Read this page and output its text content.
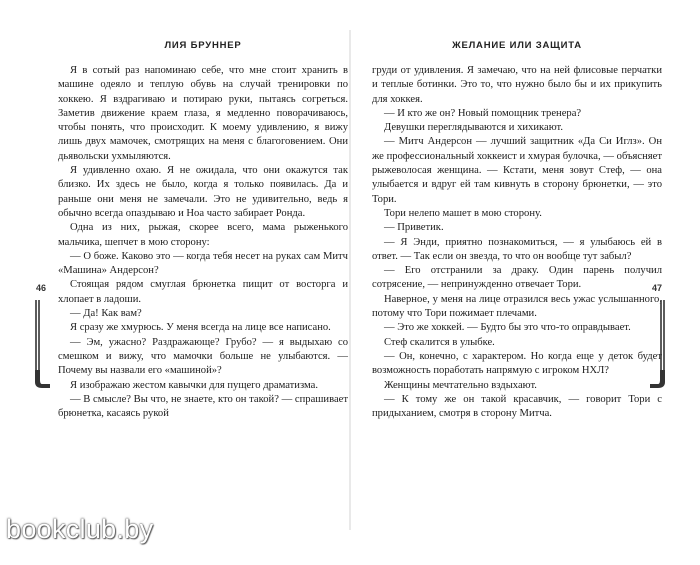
ЛИЯ БРУННЕР

Я в сотый раз напоминаю себе, что мне стоит хранить в машине одеяло и теплую обувь на случай тренировки по хоккею. Я вздрагиваю и потираю руки, пытаясь согреться. Заметив движение краем глаза, я медленно поворачиваюсь, чтобы понять, что происходит. К моему удивлению, я вижу лишь двух мамочек, смотрящих на меня с благоговением. Они дьявольски ухмыляются.

Я удивленно охаю. Я не ожидала, что они окажутся так близко. Их здесь не было, когда я только появилась. Да и раньше они меня не замечали. Это не удивительно, ведь я обычно всегда опаздываю и Ноа часто забирает Ронда.

Одна из них, рыжая, скорее всего, мама рыженького мальчика, шепчет в мою сторону:

— О боже. Каково это — когда тебя несет на руках сам Митч «Машина» Андерсон?

Стоящая рядом смуглая брюнетка пищит от восторга и хлопает в ладоши.

— Да! Как вам?

Я сразу же хмурюсь. У меня всегда на лице все написано.

— Эм, ужасно? Раздражающе? Грубо? — я выдыхаю со смешком и вижу, что мамочки больше не улыбаются. — Почему вы назвали его «машиной»?

Я изображаю жестом кавычки для пущего драматизма.

— В смысле? Вы что, не знаете, кто он такой? — спрашивает брюнетка, касаясь рукой

46
ЖЕЛАНИЕ ИЛИ ЗАЩИТА

груди от удивления. Я замечаю, что на ней флисовые перчатки и теплые ботинки. Это то, что нужно было бы и их прикупить для хоккея.

— И кто же он? Новый помощник тренера?

Девушки переглядываются и хихикают.

— Митч Андерсон — лучший защитник «Да Си Иглз». Он же профессиональный хоккеист и хмурая булочка, — объясняет рыжеволосая женщина. — Кстати, меня зовут Стеф, — она улыбается и вдруг ей там кивнуть в сторону брюнетки, — это Тори.

Тори нелепо машет в мою сторону.

— Приветик.

— Я Энди, приятно познакомиться, — я улыбаюсь ей в ответ. — Так если он звезда, то что он вообще тут забыл?

— Его отстранили за драку. Один парень получил сотрясение, — непринужденно отвечает Тори.

Наверное, у меня на лице отразился весь ужас услышанного, потому что Тори пожимает плечами.

— Это же хоккей. — Будто бы это что-то оправдывает.

Стеф скалится в улыбке.

— Он, конечно, с характером. Но когда еще у деток будет возможность поработать напрямую с игроком НХЛ?

Женщины мечтательно вздыхают.

— К тому же он такой красавчик, — говорит Тори с придыханием, смотря в сторону Митча.

47
bookclub.by
